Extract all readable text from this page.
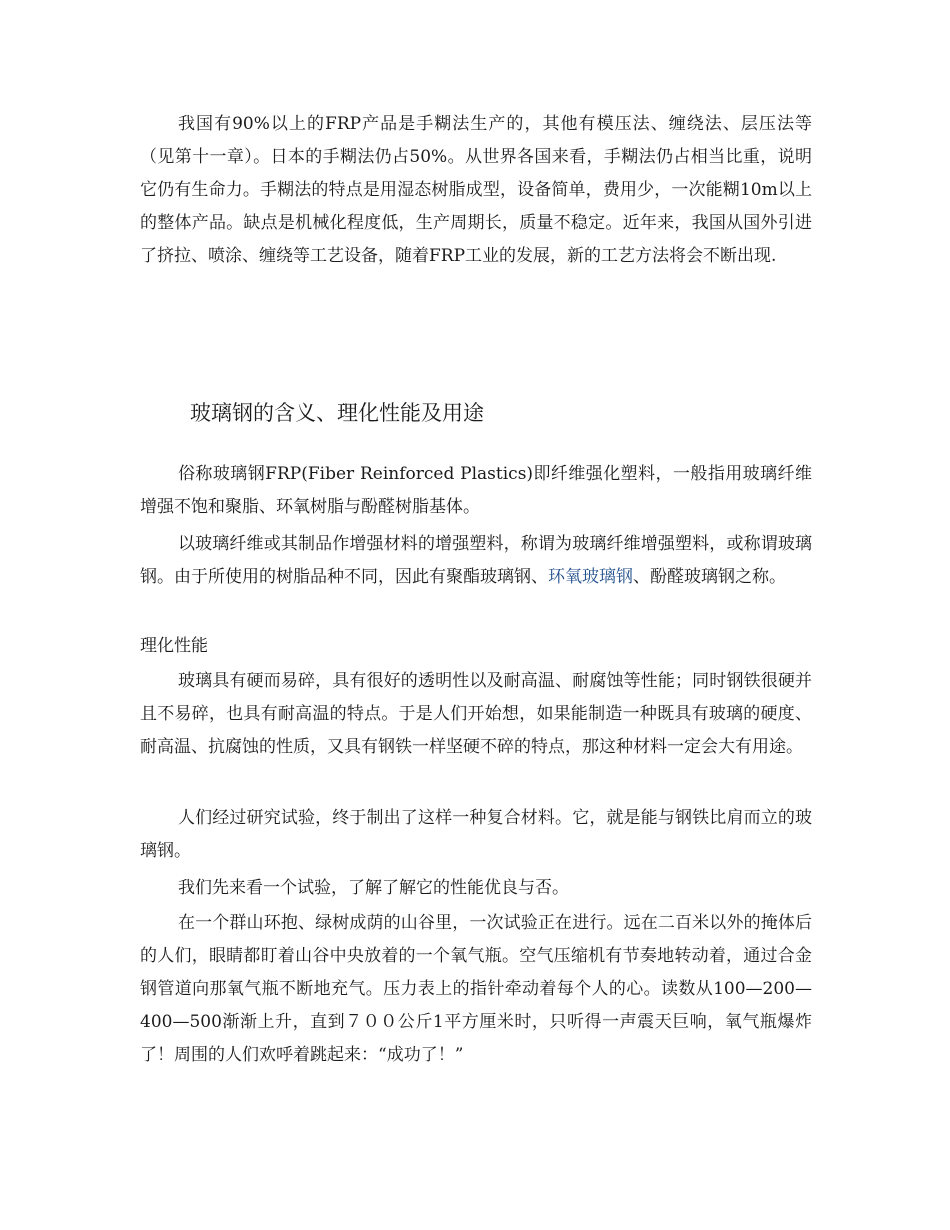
我国有90%以上的FRP产品是手糊法生产的，其他有模压法、缠绕法、层压法等（见第十一章）。日本的手糊法仍占50%。从世界各国来看，手糊法仍占相当比重，说明它仍有生命力。手糊法的特点是用湿态树脂成型，设备简单，费用少，一次能糊10m以上的整体产品。缺点是机械化程度低，生产周期长，质量不稳定。近年来，我国从国外引进了挤拉、喷涂、缠绕等工艺设备，随着FRP工业的发展，新的工艺方法将会不断出现.

玻璃钢的含义、理化性能及用途

俗称玻璃钢FRP(Fiber Reinforced Plastics)即纤维强化塑料，一般指用玻璃纤维增强不饱和聚脂、环氧树脂与酚醛树脂基体。

以玻璃纤维或其制品作增强材料的增强塑料，称谓为玻璃纤维增强塑料，或称谓玻璃钢。由于所使用的树脂品种不同，因此有聚酯玻璃钢、环氧玻璃钢、酚醛玻璃钢之称。

理化性能

玻璃具有硬而易碎，具有很好的透明性以及耐高温、耐腐蚀等性能；同时钢铁很硬并且不易碎，也具有耐高温的特点。于是人们开始想，如果能制造一种既具有玻璃的硬度、耐高温、抗腐蚀的性质，又具有钢铁一样坚硬不碎的特点，那这种材料一定会大有用途。

人们经过研究试验，终于制出了这样一种复合材料。它，就是能与钢铁比肩而立的玻璃钢。

我们先来看一个试验，了解了解它的性能优良与否。

在一个群山环抱、绿树成荫的山谷里，一次试验正在进行。远在二百米以外的掩体后的人们，眼睛都盯着山谷中央放着的一个氧气瓶。空气压缩机有节奏地转动着，通过合金钢管道向那氧气瓶不断地充气。压力表上的指针牵动着每个人的心。读数从100—200—400—500渐渐上升，直到７００公斤1平方厘米时，只听得一声震天巨响，氧气瓶爆炸了！周围的人们欢呼着跳起来：“成功了！”
